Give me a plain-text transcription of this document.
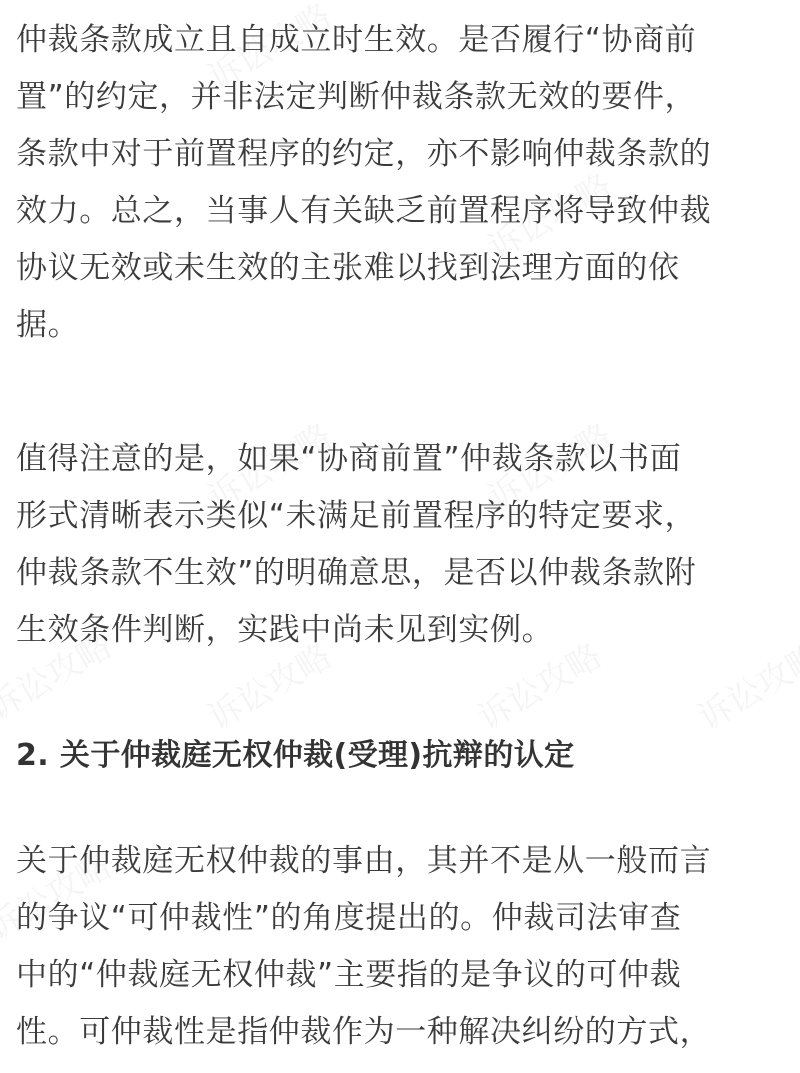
仲裁条款成立且自成立时生效。是否履行“协商前
置”的约定，并非法定判断仲裁条款无效的要件，
条款中对于前置程序的约定，亦不影响仲裁条款的
效力。总之，当事人有关缺乏前置程序将导致仲裁
协议无效或未生效的主张难以找到法理方面的依
据。
值得注意的是，如果“协商前置”仲裁条款以书面
形式清晰表示类似“未满足前置程序的特定要求，
仲裁条款不生效”的明确意思，是否以仲裁条款附
生效条件判断，实践中尚未见到实例。
2. 关于仲裁庭无权仲裁(受理)抗辩的认定
关于仲裁庭无权仲裁的事由，其并不是从一般而言
的争议“可仲裁性”的角度提出的。仲裁司法审查
中的“仲裁庭无权仲裁”主要指的是争议的可仲裁
性。可仲裁性是指仲裁作为一种解决纠纷的方式，
